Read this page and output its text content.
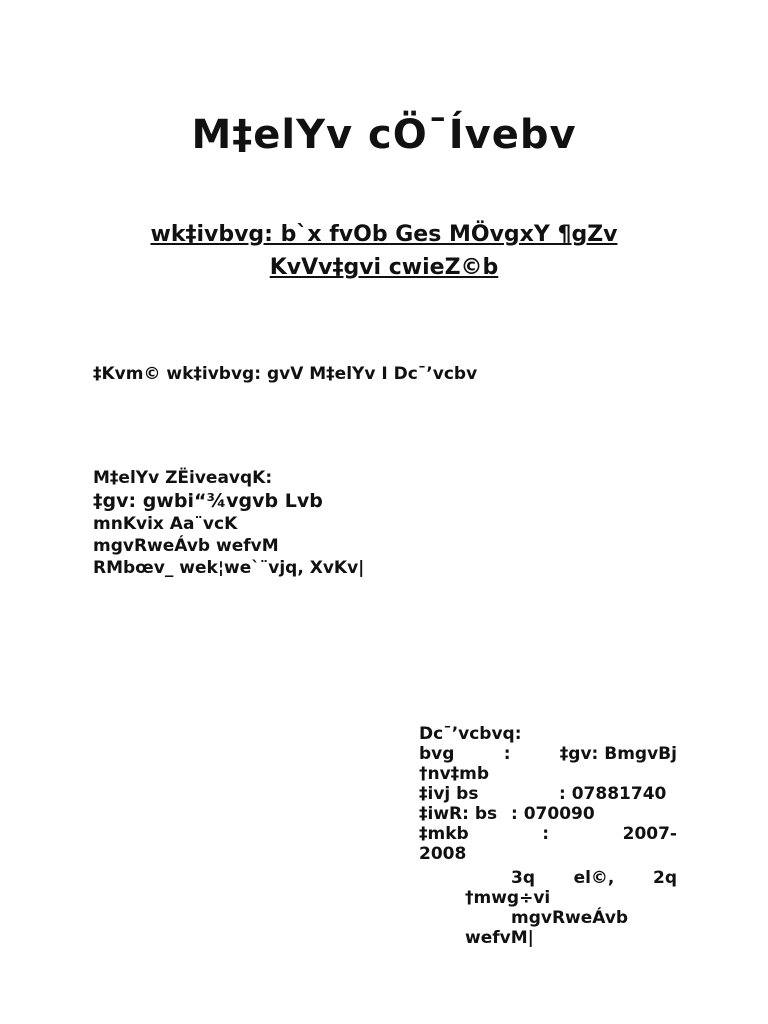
M‡elYv cÖ¯Ívebv
wk‡ivbvg: b`x fvOb Ges MÖvgxY ¶gZv
KvVv‡gvi cwieZ©b
‡Kvm© wk‡ivbvg: gvV M‡elYv I Dc¯’vcbv
M‡elYv ZËiveavqK:
‡gv: gwbi“¾vgvb Lvb
mnKvix Aa¨vcK
mgvRweÁvb wefvM
RMbœv_ wek¦we`¨vjq, XvKv|
Dc¯’vcbvq:
bvg	:	‡gv: BmgvBj
†nv‡mb
‡ivj bs	: 07881740
‡iwR: bs : 070090
‡mkb	:	2007-
2008
3q el©, 2q
†mwg÷vi
mgvRweÁvb
wefvM|
